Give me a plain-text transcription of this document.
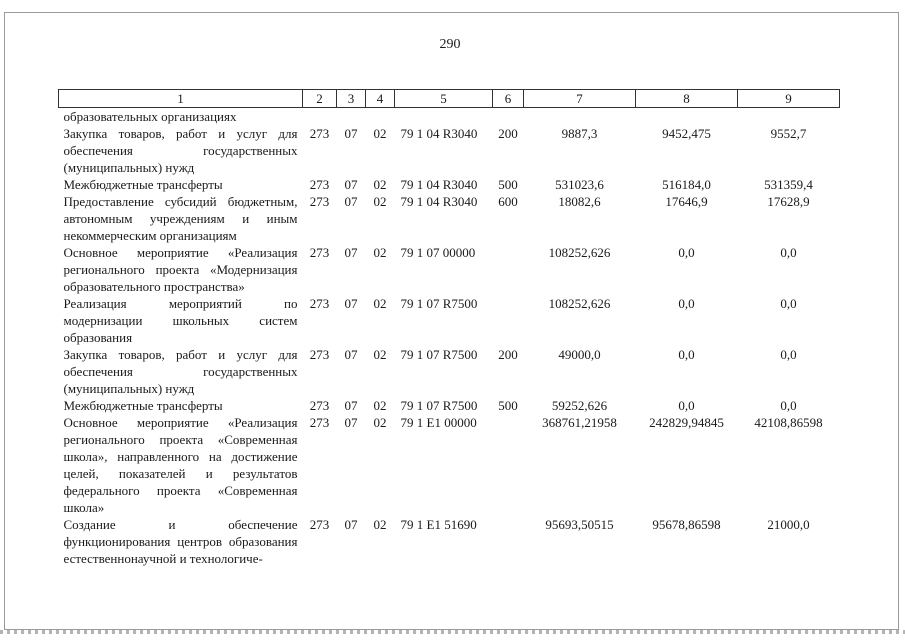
290
1	2	3	4	5	6	7	8	9
образовательных организациях								
Закупка товаров, работ и услуг для обеспечения государственных (муниципальных) нужд	273	07	02	79 1 04 R3040	200	9887,3	9452,475	9552,7
Межбюджетные трансферты	273	07	02	79 1 04 R3040	500	531023,6	516184,0	531359,4
Предоставление субсидий бюджетным, автономным учреждениям и иным некоммерческим организациям	273	07	02	79 1 04 R3040	600	18082,6	17646,9	17628,9
Основное мероприятие «Реализация регионального проекта «Модернизация образовательного пространства»	273	07	02	79 1 07 00000		108252,626	0,0	0,0
Реализация мероприятий по модернизации школьных систем образования	273	07	02	79 1 07 R7500		108252,626	0,0	0,0
Закупка товаров, работ и услуг для обеспечения государственных (муниципальных) нужд	273	07	02	79 1 07 R7500	200	49000,0	0,0	0,0
Межбюджетные трансферты	273	07	02	79 1 07 R7500	500	59252,626	0,0	0,0
Основное мероприятие «Реализация регионального проекта «Современная школа», направленного на достижение целей, показателей и результатов федерального проекта «Современная школа»	273	07	02	79 1 E1 00000		368761,21958	242829,94845	42108,86598
Создание и обеспечение функционирования центров образования естественнонаучной и технологиче-	273	07	02	79 1 E1 51690		95693,50515	95678,86598	21000,0
